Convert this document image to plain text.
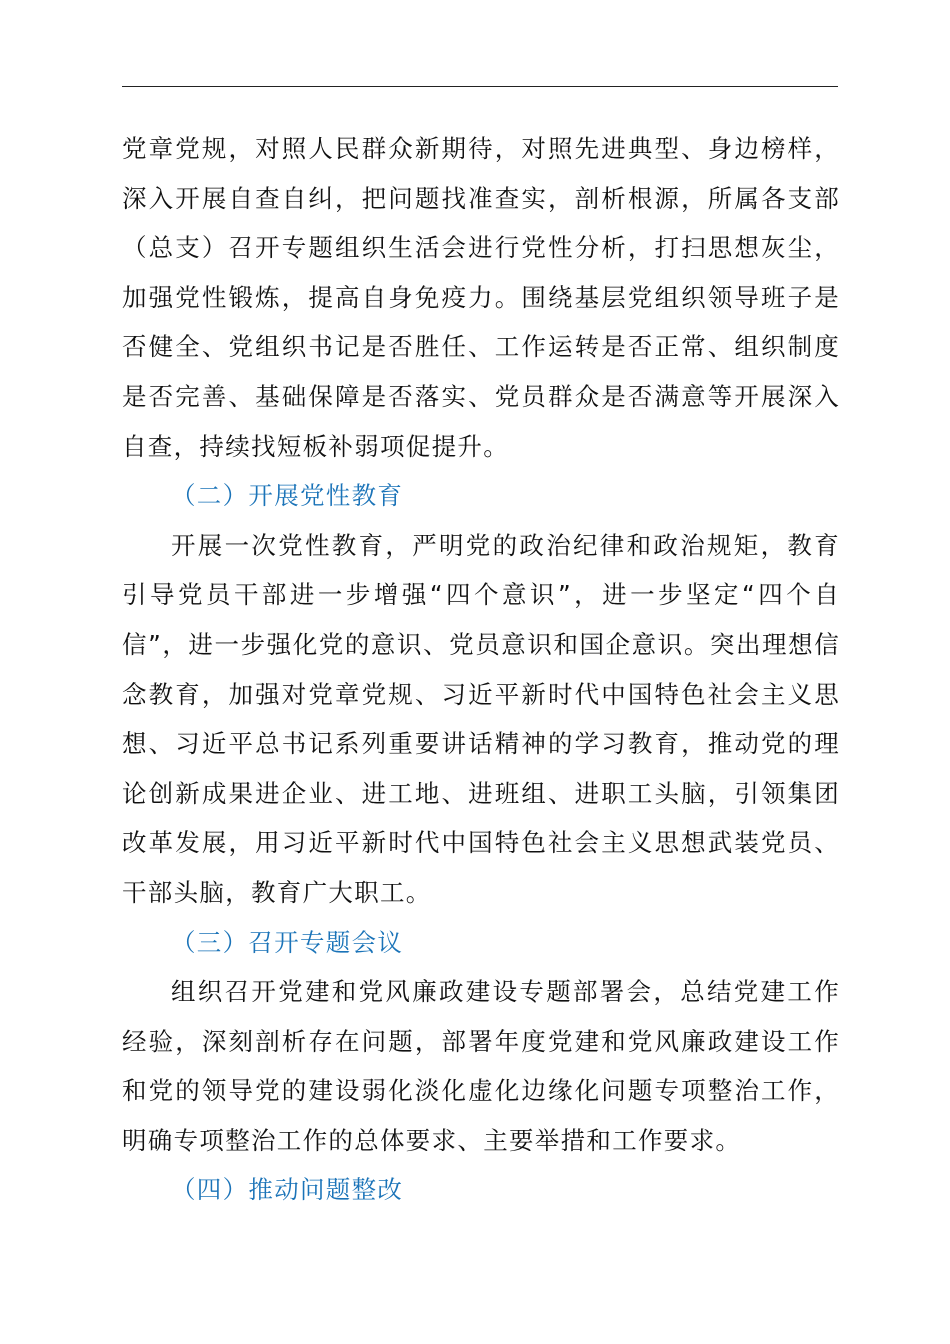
党章党规，对照人民群众新期待，对照先进典型、身边榜样，深入开展自查自纠，把问题找准查实，剖析根源，所属各支部（总支）召开专题组织生活会进行党性分析，打扫思想灰尘，加强党性锻炼，提高自身免疫力。围绕基层党组织领导班子是否健全、党组织书记是否胜任、工作运转是否正常、组织制度是否完善、基础保障是否落实、党员群众是否满意等开展深入自查，持续找短板补弱项促提升。

（二）开展党性教育

开展一次党性教育，严明党的政治纪律和政治规矩，教育引导党员干部进一步增强“四个意识”，进一步坚定“四个自信”，进一步强化党的意识、党员意识和国企意识。突出理想信念教育，加强对党章党规、习近平新时代中国特色社会主义思想、习近平总书记系列重要讲话精神的学习教育，推动党的理论创新成果进企业、进工地、进班组、进职工头脑，引领集团改革发展，用习近平新时代中国特色社会主义思想武装党员、干部头脑，教育广大职工。

（三）召开专题会议

组织召开党建和党风廉政建设专题部署会，总结党建工作经验，深刻剖析存在问题，部署年度党建和党风廉政建设工作和党的领导党的建设弱化淡化虚化边缘化问题专项整治工作，明确专项整治工作的总体要求、主要举措和工作要求。

（四）推动问题整改
